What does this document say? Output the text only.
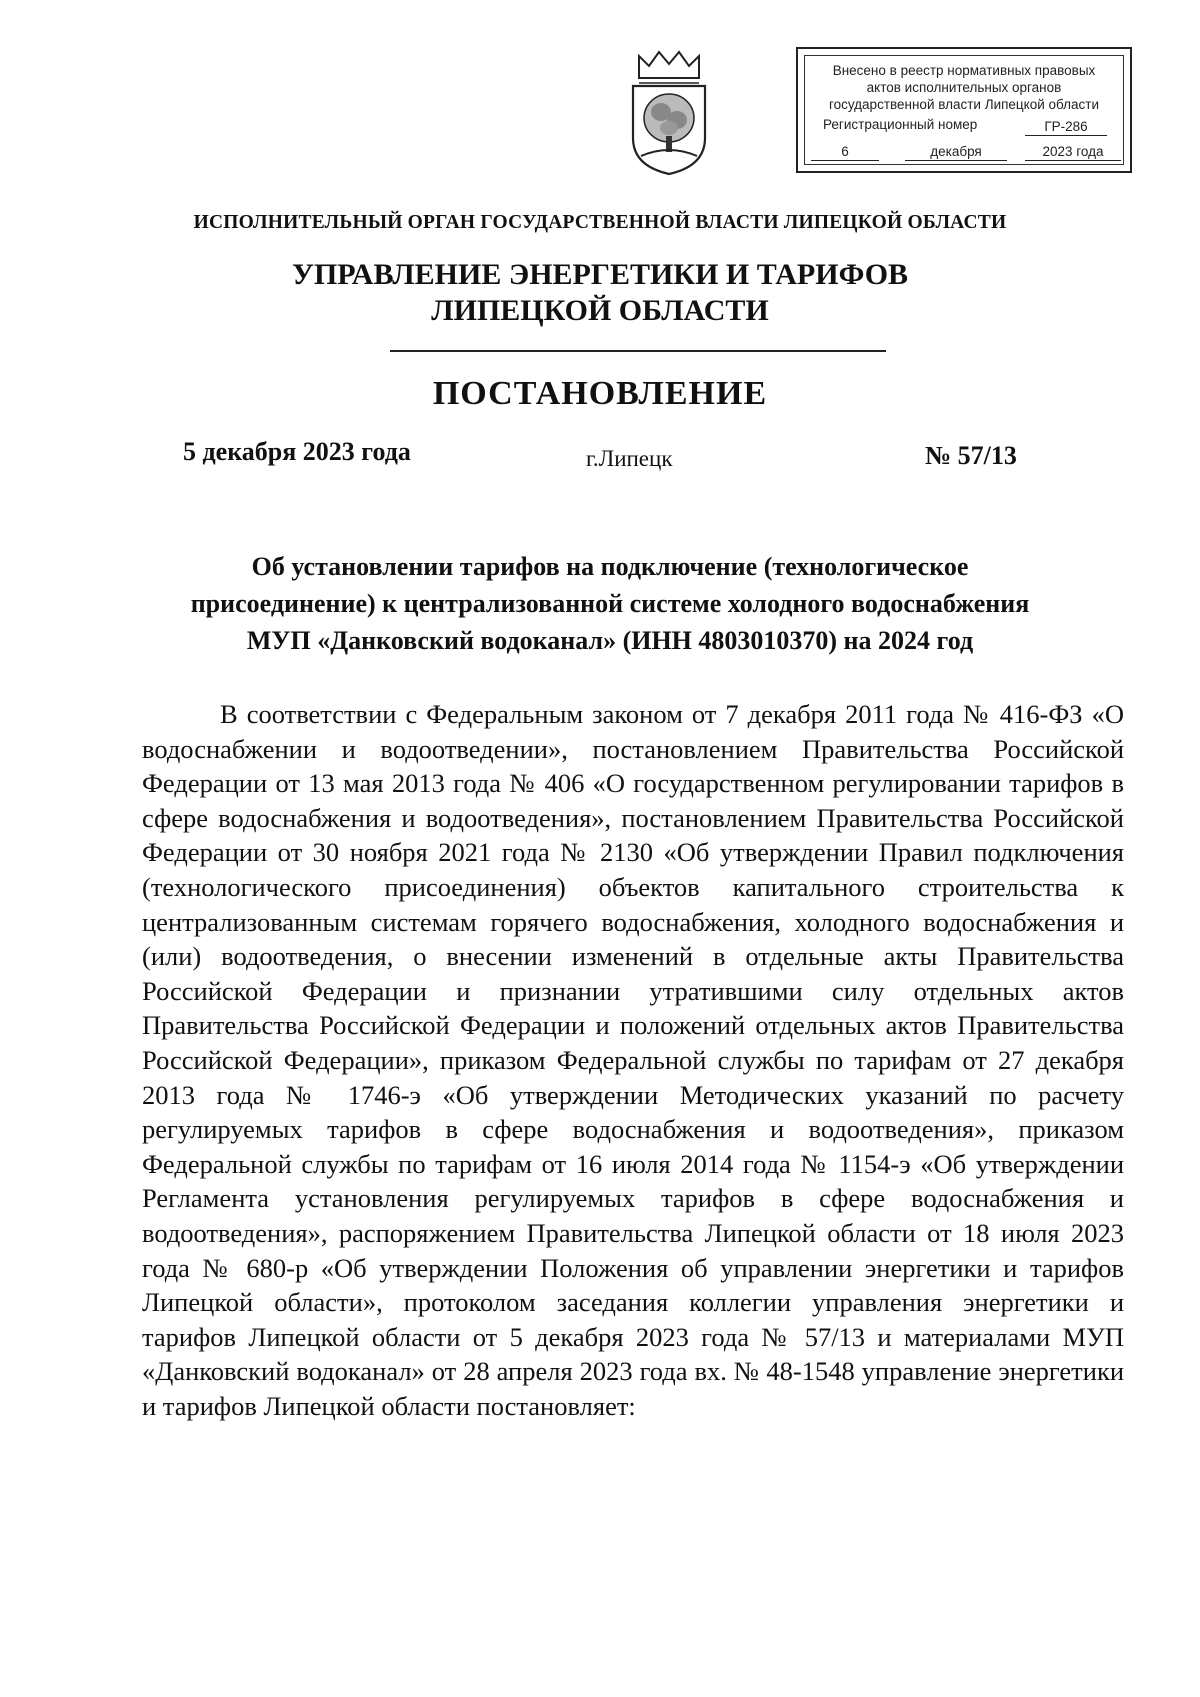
Внесено в реестр нормативных правовых
актов исполнительных органов
государственной власти Липецкой области
Регистрационный номер	ГР-286
6	декабря	2023 года
ИСПОЛНИТЕЛЬНЫЙ ОРГАН ГОСУДАРСТВЕННОЙ ВЛАСТИ ЛИПЕЦКОЙ ОБЛАСТИ
УПРАВЛЕНИЕ ЭНЕРГЕТИКИ И ТАРИФОВ
ЛИПЕЦКОЙ ОБЛАСТИ
ПОСТАНОВЛЕНИЕ
5 декабря 2023 года	г.Липецк	№ 57/13
Об установлении тарифов на подключение (технологическое
присоединение) к централизованной системе холодного водоснабжения
МУП «Данковский водоканал» (ИНН 4803010370) на 2024 год

В соответствии с Федеральным законом от 7 декабря 2011 года № 416-ФЗ «О водоснабжении и водоотведении», постановлением Правительства Российской Федерации от 13 мая 2013 года № 406 «О государственном регулировании тарифов в сфере водоснабжения и водоотведения», постановлением Правительства Российской Федерации от 30 ноября 2021 года № 2130 «Об утверждении Правил подключения (технологического присоединения) объектов капитального строительства к централизованным системам горячего водоснабжения, холодного водоснабжения и (или) водоотведения, о внесении изменений в отдельные акты Правительства Российской Федерации и признании утратившими силу отдельных актов Правительства Российской Федерации и положений отдельных актов Правительства Российской Федерации», приказом Федеральной службы по тарифам от 27 декабря 2013 года № 1746-э «Об утверждении Методических указаний по расчету регулируемых тарифов в сфере водоснабжения и водоотведения», приказом Федеральной службы по тарифам от 16 июля 2014 года № 1154-э «Об утверждении Регламента установления регулируемых тарифов в сфере водоснабжения и водоотведения», распоряжением Правительства Липецкой области от 18 июля 2023 года № 680-р «Об утверждении Положения об управлении энергетики и тарифов Липецкой области», протоколом заседания коллегии управления энергетики и тарифов Липецкой области от 5 декабря 2023 года № 57/13 и материалами МУП «Данковский водоканал» от 28 апреля 2023 года вх. № 48-1548 управление энергетики и тарифов Липецкой области постановляет:
